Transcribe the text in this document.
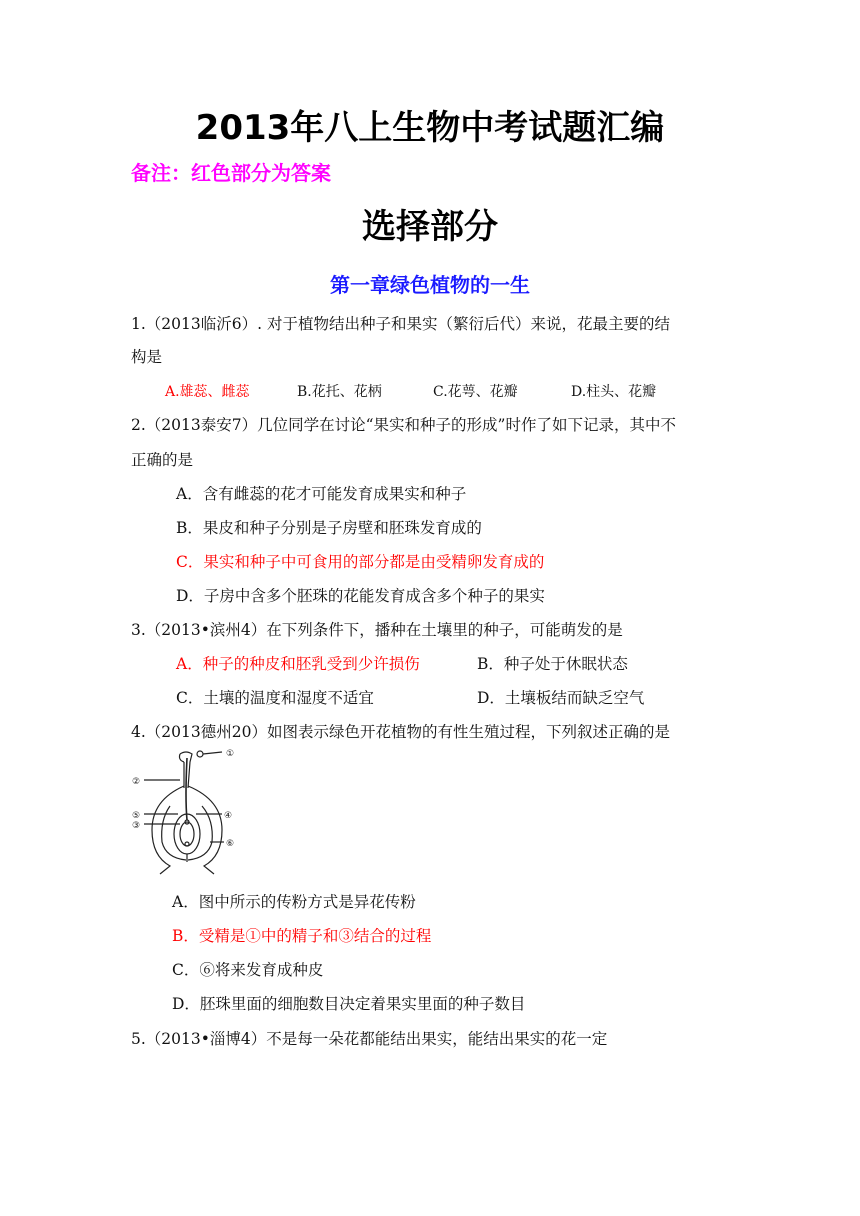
2013年八上生物中考试题汇编
备注：红色部分为答案
选择部分
第一章绿色植物的一生
1.（2013临沂6）. 对于植物结出种子和果实（繁衍后代）来说，花最主要的结
构是
A.雄蕊、雌蕊	B.花托、花柄	C.花萼、花瓣	D.柱头、花瓣
2.（2013泰安7）几位同学在讨论“果实和种子的形成”时作了如下记录，其中不
正确的是
A．含有雌蕊的花才可能发育成果实和种子
B．果皮和种子分别是子房壁和胚珠发育成的
C．果实和种子中可食用的部分都是由受精卵发育成的
D．子房中含多个胚珠的花能发育成含多个种子的果实
3.（2013•滨州4）在下列条件下，播种在土壤里的种子，可能萌发的是
A．种子的种皮和胚乳受到少许损伤	B．种子处于休眠状态
C．土壤的温度和湿度不适宜	D．土壤板结而缺乏空气
4.（2013德州20）如图表示绿色开花植物的有性生殖过程，下列叙述正确的是
①
②
⑤
③
④
⑥
A．图中所示的传粉方式是异花传粉
B．受精是①中的精子和③结合的过程
C．⑥将来发育成种皮
D．胚珠里面的细胞数目决定着果实里面的种子数目
5.（2013•淄博4）不是每一朵花都能结出果实，能结出果实的花一定
